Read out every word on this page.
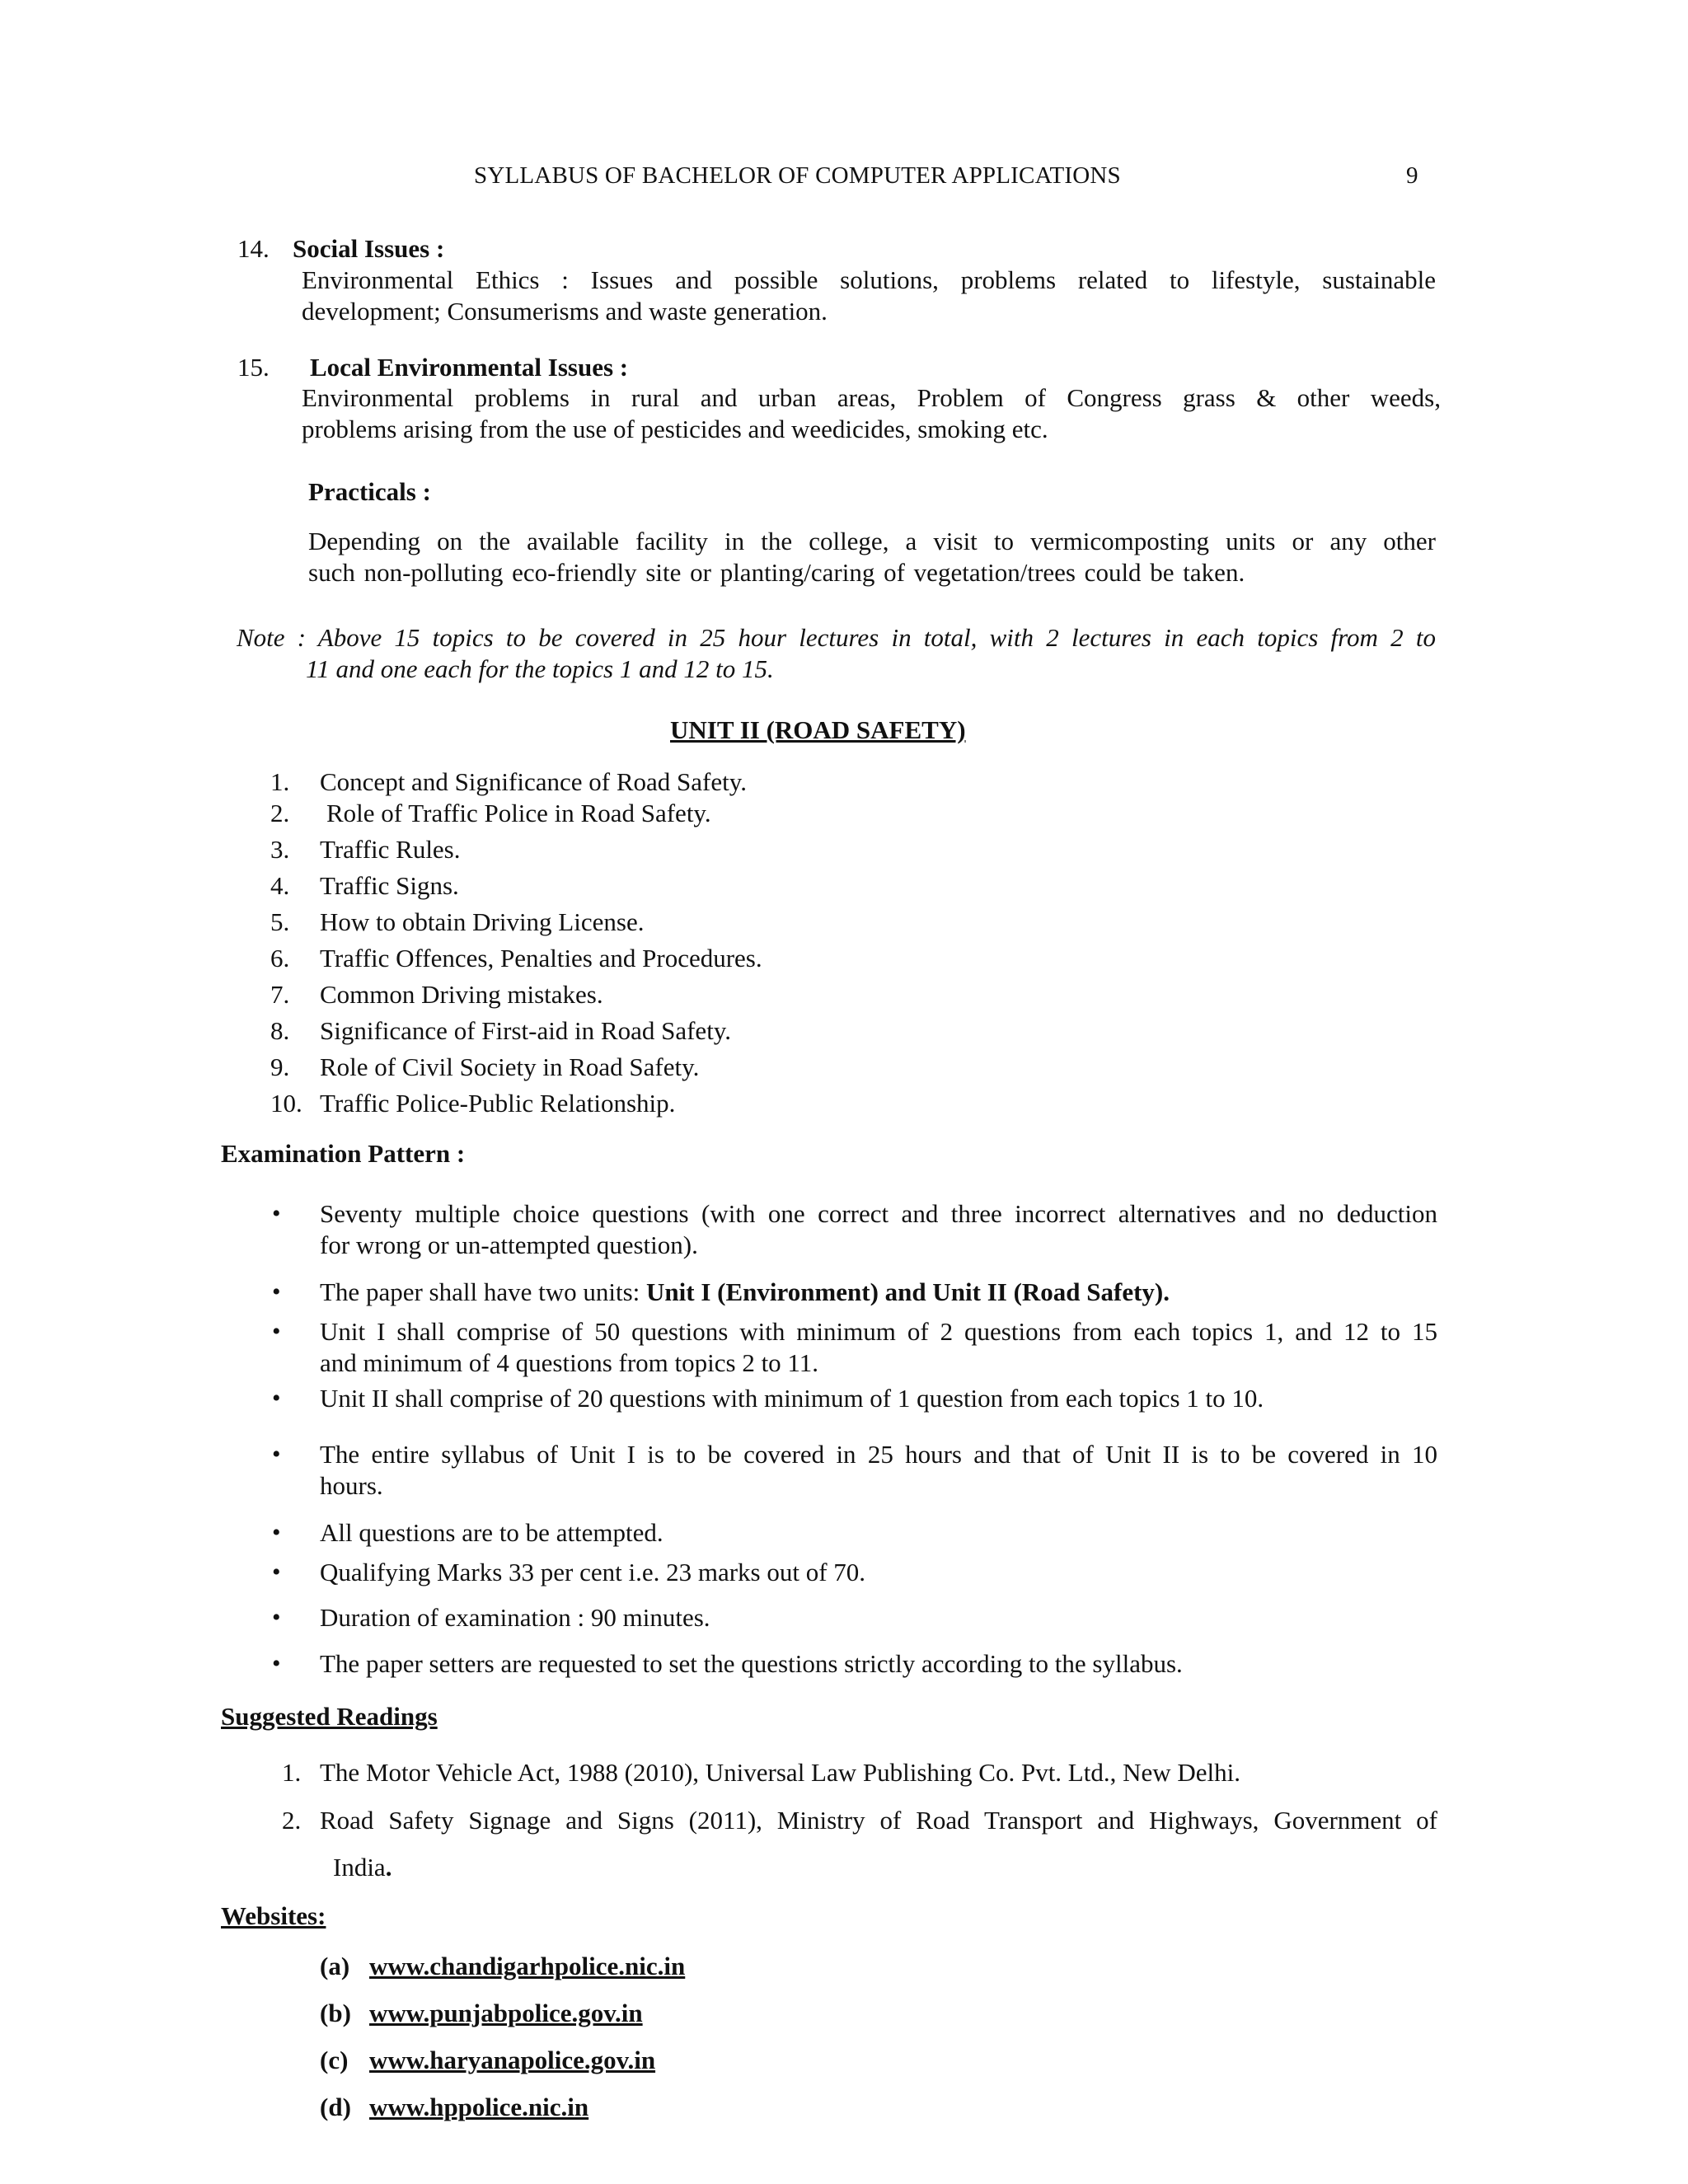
SYLLABUS OF BACHELOR OF COMPUTER APPLICATIONS	9
14. Social Issues :
Environmental Ethics : Issues and possible solutions, problems related to lifestyle, sustainable
development; Consumerisms and waste generation.
15. Local Environmental Issues :
Environmental problems in rural and urban areas, Problem of Congress grass & other weeds,
problems arising from the use of pesticides and weedicides, smoking etc.
Practicals :
Depending on the available facility in the college, a visit to vermicomposting units or any other
such non-polluting eco-friendly site or planting/caring of vegetation/trees could be taken.
Note : Above 15 topics to be covered in 25 hour lectures in total, with 2 lectures in each topics from 2 to
11 and one each for the topics 1 and 12 to 15.
UNIT II (ROAD SAFETY)
1. Concept and Significance of Road Safety.
2. Role of Traffic Police in Road Safety.
3. Traffic Rules.
4. Traffic Signs.
5. How to obtain Driving License.
6. Traffic Offences, Penalties and Procedures.
7. Common Driving mistakes.
8. Significance of First-aid in Road Safety.
9. Role of Civil Society in Road Safety.
10. Traffic Police-Public Relationship.
Examination Pattern :
• Seventy multiple choice questions (with one correct and three incorrect alternatives and no deduction
for wrong or un-attempted question).
• The paper shall have two units: Unit I (Environment) and Unit II (Road Safety).
• Unit I shall comprise of 50 questions with minimum of 2 questions from each topics 1, and 12 to 15
and minimum of 4 questions from topics 2 to 11.
• Unit II shall comprise of 20 questions with minimum of 1 question from each topics 1 to 10.
• The entire syllabus of Unit I is to be covered in 25 hours and that of Unit II is to be covered in 10
hours.
• All questions are to be attempted.
• Qualifying Marks 33 per cent i.e. 23 marks out of 70.
• Duration of examination : 90 minutes.
• The paper setters are requested to set the questions strictly according to the syllabus.
Suggested Readings
1. The Motor Vehicle Act, 1988 (2010), Universal Law Publishing Co. Pvt. Ltd., New Delhi.
2. Road Safety Signage and Signs (2011), Ministry of Road Transport and Highways, Government of
India.
Websites:
(a) www.chandigarhpolice.nic.in
(b) www.punjabpolice.gov.in
(c) www.haryanapolice.gov.in
(d) www.hppolice.nic.in
